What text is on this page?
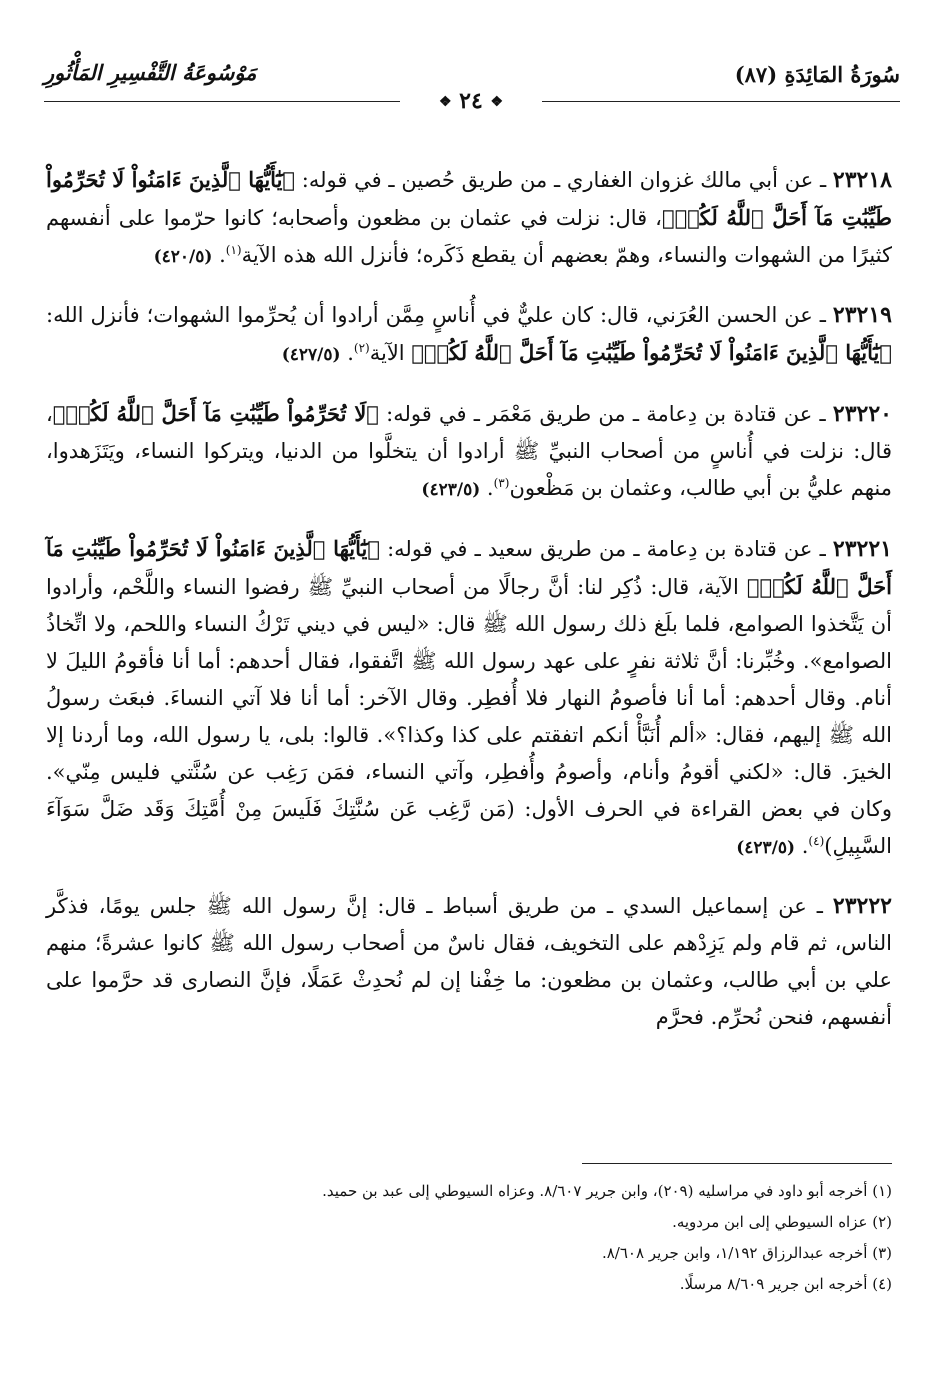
سُورَةُ المَائِدَةِ (٨٧)
مَوْسُوعَةُ التَّفْسِيرِ المَأْثُورِ
❖ ٢٤ ❖

٢٣٢١٨ ـ عن أبي مالك غزوان الغفاري ـ من طريق حُصين ـ في قوله: ﴿يَٰٓأَيُّهَا ٱلَّذِينَ ءَامَنُواْ لَا تُحَرِّمُواْ طَيِّبَٰتِ مَآ أَحَلَّ ٱللَّهُ لَكُمۡ﴾، قال: نزلت في عثمان بن مظعون وأصحابه؛ كانوا حرّموا على أنفسهم كثيرًا من الشهوات والنساء، وهمّ بعضهم أن يقطع ذَكَره؛ فأنزل الله هذه الآية$^{(١)}$. (٤٢٠/٥)

٢٣٢١٩ ـ عن الحسن العُرَني، قال: كان عليٌّ في أُناسٍ مِمَّن أرادوا أن يُحرِّموا الشهوات؛ فأنزل الله: ﴿يَٰٓأَيُّهَا ٱلَّذِينَ ءَامَنُواْ لَا تُحَرِّمُواْ طَيِّبَٰتِ مَآ أَحَلَّ ٱللَّهُ لَكُمۡ﴾ الآية$^{(٢)}$. (٤٢٧/٥)

٢٣٢٢٠ ـ عن قتادة بن دِعامة ـ من طريق مَعْمَر ـ في قوله: ﴿لَا تُحَرِّمُواْ طَيِّبَٰتِ مَآ أَحَلَّ ٱللَّهُ لَكُمۡ﴾، قال: نزلت في أُناسٍ من أصحاب النبيِّ ﷺ أرادوا أن يتخلَّوا من الدنيا، ويتركوا النساء، ويَتَزَهدوا، منهم عليُّ بن أبي طالب، وعثمان بن مَظْعون$^{(٣)}$. (٤٢٣/٥)

٢٣٢٢١ ـ عن قتادة بن دِعامة ـ من طريق سعيد ـ في قوله: ﴿يَٰٓأَيُّهَا ٱلَّذِينَ ءَامَنُواْ لَا تُحَرِّمُواْ طَيِّبَٰتِ مَآ أَحَلَّ ٱللَّهُ لَكُمۡ﴾ الآية، قال: ذُكِر لنا: أنَّ رجالًا من أصحاب النبيِّ ﷺ رفضوا النساء واللَّحْم، وأرادوا أن يَتَّخذوا الصوامع، فلما بلَغ ذلك رسول الله ﷺ قال: «ليس في ديني تَرْكُ النساء واللحم، ولا اتِّخاذُ الصوامع». وخُبِّرنا: أنَّ ثلاثة نفرٍ على عهد رسول الله ﷺ اتَّفقوا، فقال أحدهم: أما أنا فأقومُ الليلَ لا أنام. وقال أحدهم: أما أنا فأصومُ النهار فلا أُفطِر. وقال الآخر: أما أنا فلا آتي النساءَ. فبعَث رسولُ الله ﷺ إليهم، فقال: «ألم أُنَبَّأْ أنكم اتفقتم على كذا وكذا؟». قالوا: بلى، يا رسول الله، وما أردنا إلا الخيرَ. قال: «لكني أقومُ وأنام، وأصومُ وأُفطِر، وآتي النساء، فمَن رَغِب عن سُنَّتي فليس مِنّي». وكان في بعض القراءة في الحرف الأول: (مَن رَّغِب عَن سُنَّتِكَ فَلَيسَ مِنْ أُمَّتِكَ وَقَد ضَلَّ سَوَآءَ السَّبِيلِ)$^{(٤)}$. (٤٢٣/٥)

٢٣٢٢٢ ـ عن إسماعيل السدي ـ من طريق أسباط ـ قال: إنَّ رسول الله ﷺ جلس يومًا، فذكَّر الناس، ثم قام ولم يَزِدْهم على التخويف، فقال ناسٌ من أصحاب رسول الله ﷺ كانوا عشرةً؛ منهم علي بن أبي طالب، وعثمان بن مظعون: ما خِفْنا إن لم نُحدِثْ عَمَلًا، فإنَّ النصارى قد حرَّموا على أنفسهم، فنحن نُحرِّم. فحرَّم

(١) أخرجه أبو داود في مراسليه (٢٠٩)، وابن جرير ٨/٦٠٧. وعزاه السيوطي إلى عبد بن حميد.
(٢) عزاه السيوطي إلى ابن مردويه.
(٣) أخرجه عبدالرزاق ١/١٩٢، وابن جرير ٨/٦٠٨.
(٤) أخرجه ابن جرير ٨/٦٠٩ مرسلًا.
